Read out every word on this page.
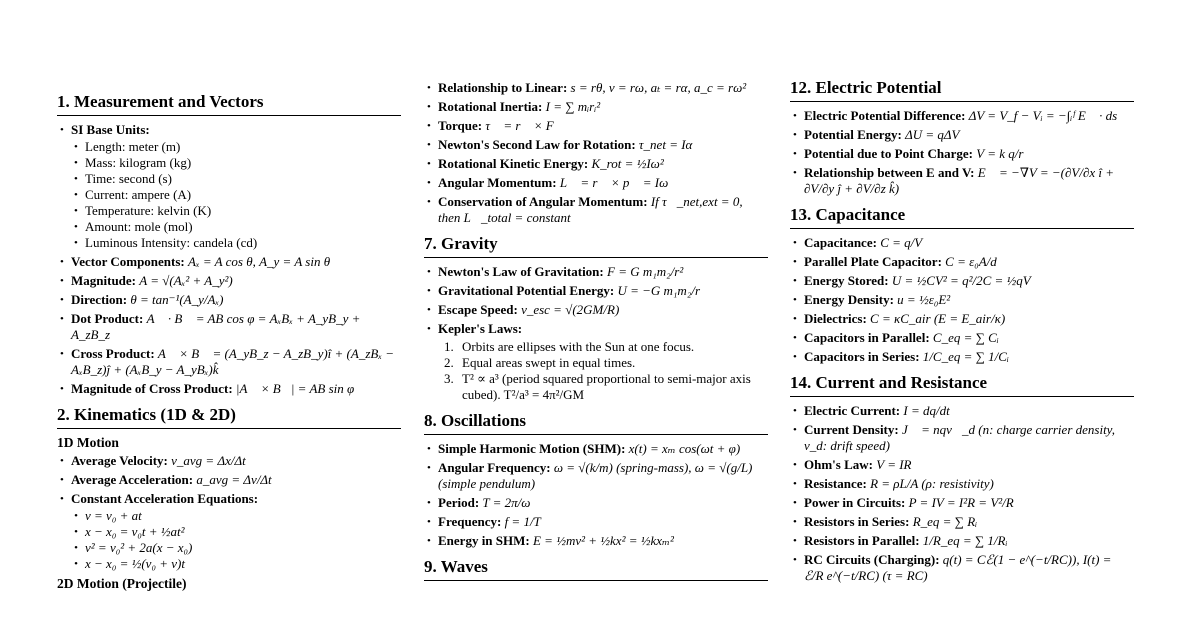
1. Measurement and Vectors
• SI Base Units:
• Length: meter (m)
• Mass: kilogram (kg)
• Time: second (s)
• Current: ampere (A)
• Temperature: kelvin (K)
• Amount: mole (mol)
• Luminous Intensity: candela (cd)
• Vector Components: Aₓ = A cos θ, A_y = A sin θ
• Magnitude: A = √(Aₓ² + A_y²)
• Direction: θ = tan⁻¹(A_y/Aₓ)
• Dot Product: A⃗ · B⃗ = AB cos φ = AₓBₓ + A_yB_y + A_zB_z
• Cross Product: A⃗ × B⃗ = (A_yB_z − A_zB_y)î + (A_zBₓ − AₓB_z)ĵ + (AₓB_y − A_yBₓ)k̂
• Magnitude of Cross Product: |A⃗ × B⃗| = AB sin φ
2. Kinematics (1D & 2D)
1D Motion
• Average Velocity: v_avg = Δx/Δt
• Average Acceleration: a_avg = Δv/Δt
• Constant Acceleration Equations:
• v = v₀ + at
• x − x₀ = v₀t + ½at²
• v² = v₀² + 2a(x − x₀)
• x − x₀ = ½(v₀ + v)t
2D Motion (Projectile)
• Relationship to Linear: s = rθ, v = rω, aₜ = rα, a_c = rω²
• Rotational Inertia: I = ∑ mᵢrᵢ²
• Torque: τ⃗ = r⃗ × F⃗
• Newton's Second Law for Rotation: τ_net = Iα
• Rotational Kinetic Energy: K_rot = ½Iω²
• Angular Momentum: L⃗ = r⃗ × p⃗ = Iω⃗
• Conservation of Angular Momentum: If τ⃗_net,ext = 0, then L⃗_total = constant
7. Gravity
• Newton's Law of Gravitation: F = G m₁m₂/r²
• Gravitational Potential Energy: U = −G m₁m₂/r
• Escape Speed: v_esc = √(2GM/R)
• Kepler's Laws:
1. Orbits are ellipses with the Sun at one focus.
2. Equal areas swept in equal times.
3. T² ∝ a³ (period squared proportional to semi-major axis cubed). T²/a³ = 4π²/GM
8. Oscillations
• Simple Harmonic Motion (SHM): x(t) = xₘ cos(ωt + φ)
• Angular Frequency: ω = √(k/m) (spring-mass), ω = √(g/L) (simple pendulum)
• Period: T = 2π/ω
• Frequency: f = 1/T
• Energy in SHM: E = ½mv² + ½kx² = ½kxₘ²
9. Waves
12. Electric Potential
• Electric Potential Difference: ΔV = V_f − Vᵢ = −∫ᵢᶠ E⃗ · ds⃗
• Potential Energy: ΔU = qΔV
• Potential due to Point Charge: V = k q/r
• Relationship between E and V: E⃗ = −∇V = −(∂V/∂x î + ∂V/∂y ĵ + ∂V/∂z k̂)
13. Capacitance
• Capacitance: C = q/V
• Parallel Plate Capacitor: C = ε₀A/d
• Energy Stored: U = ½CV² = q²/2C = ½qV
• Energy Density: u = ½ε₀E²
• Dielectrics: C = κC_air (E = E_air/κ)
• Capacitors in Parallel: C_eq = ∑ Cᵢ
• Capacitors in Series: 1/C_eq = ∑ 1/Cᵢ
14. Current and Resistance
• Electric Current: I = dq/dt
• Current Density: J⃗ = nqv⃗_d (n: charge carrier density, v_d: drift speed)
• Ohm's Law: V = IR
• Resistance: R = ρL/A (ρ: resistivity)
• Power in Circuits: P = IV = I²R = V²/R
• Resistors in Series: R_eq = ∑ Rᵢ
• Resistors in Parallel: 1/R_eq = ∑ 1/Rᵢ
• RC Circuits (Charging): q(t) = Cℰ(1 − e^(−t/RC)), I(t) = ℰ/R e^(−t/RC) (τ = RC)
